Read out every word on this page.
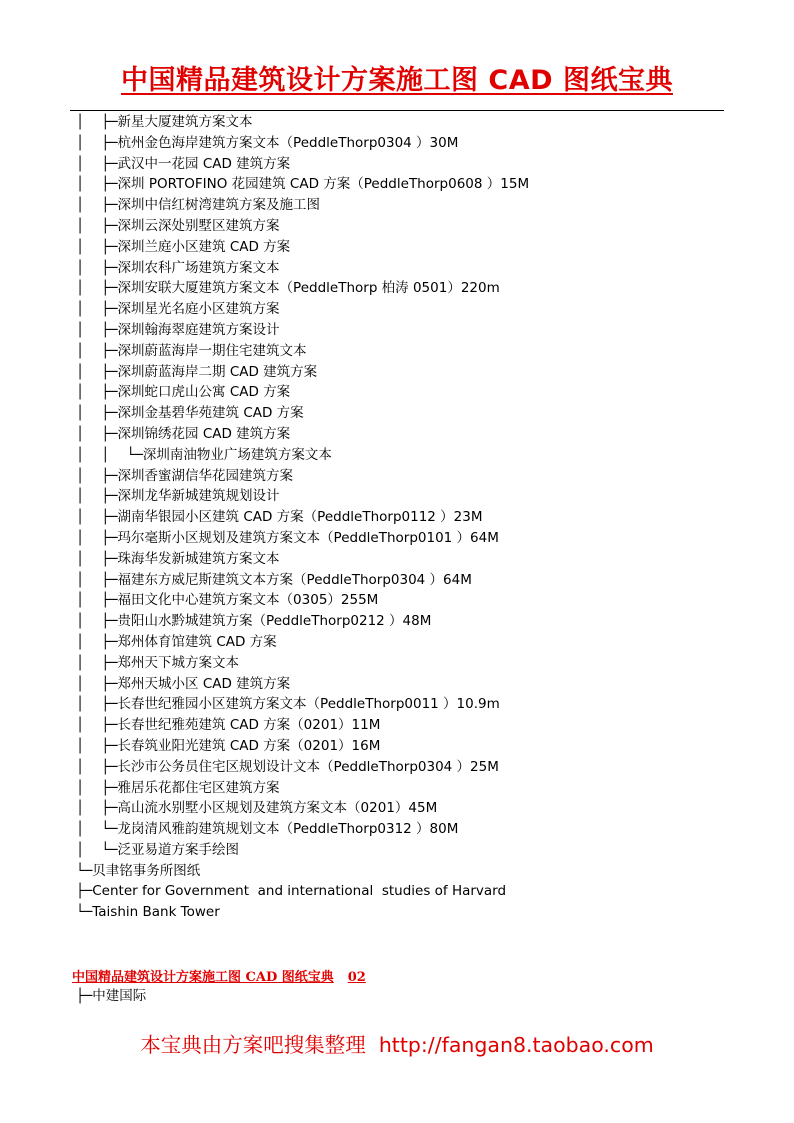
中国精品建筑设计方案施工图 CAD 图纸宝典
│    ├─新星大厦建筑方案文本
│    ├─杭州金色海岸建筑方案文本（PeddleThorp0304 ）30M
│    ├─武汉中一花园 CAD 建筑方案
│    ├─深圳 PORTOFINO 花园建筑 CAD 方案（PeddleThorp0608 ）15M
│    ├─深圳中信红树湾建筑方案及施工图
│    ├─深圳云深处别墅区建筑方案
│    ├─深圳兰庭小区建筑 CAD 方案
│    ├─深圳农科广场建筑方案文本
│    ├─深圳安联大厦建筑方案文本（PeddleThorp 柏涛 0501）220m
│    ├─深圳星光名庭小区建筑方案
│    ├─深圳翰海翠庭建筑方案设计
│    ├─深圳蔚蓝海岸一期住宅建筑文本
│    ├─深圳蔚蓝海岸二期 CAD 建筑方案
│    ├─深圳蛇口虎山公寓 CAD 方案
│    ├─深圳金基碧华苑建筑 CAD 方案
│    ├─深圳锦绣花园 CAD 建筑方案
│    │    └─深圳南油物业广场建筑方案文本
│    ├─深圳香蜜湖信华花园建筑方案
│    ├─深圳龙华新城建筑规划设计
│    ├─湖南华银园小区建筑 CAD 方案（PeddleThorp0112 ）23M
│    ├─玛尔毫斯小区规划及建筑方案文本（PeddleThorp0101 ）64M
│    ├─珠海华发新城建筑方案文本
│    ├─福建东方威尼斯建筑文本方案（PeddleThorp0304 ）64M
│    ├─福田文化中心建筑方案文本（0305）255M
│    ├─贵阳山水黔城建筑方案（PeddleThorp0212 ）48M
│    ├─郑州体育馆建筑 CAD 方案
│    ├─郑州天下城方案文本
│    ├─郑州天城小区 CAD 建筑方案
│    ├─长春世纪雅园小区建筑方案文本（PeddleThorp0011 ）10.9m
│    ├─长春世纪雅苑建筑 CAD 方案（0201）11M
│    ├─长春筑业阳光建筑 CAD 方案（0201）16M
│    ├─长沙市公务员住宅区规划设计文本（PeddleThorp0304 ）25M
│    ├─雅居乐花都住宅区建筑方案
│    ├─高山流水别墅小区规划及建筑方案文本（0201）45M
│    └─龙岗清风雅韵建筑规划文本（PeddleThorp0312 ）80M
│    └─泛亚易道方案手绘图
└─贝聿铭事务所图纸
├─Center for Government  and international  studies of Harvard
└─Taishin Bank Tower
中国精品建筑设计方案施工图 CAD 图纸宝典 02
├─中建国际
本宝典由方案吧搜集整理  http://fangan8.taobao.com
